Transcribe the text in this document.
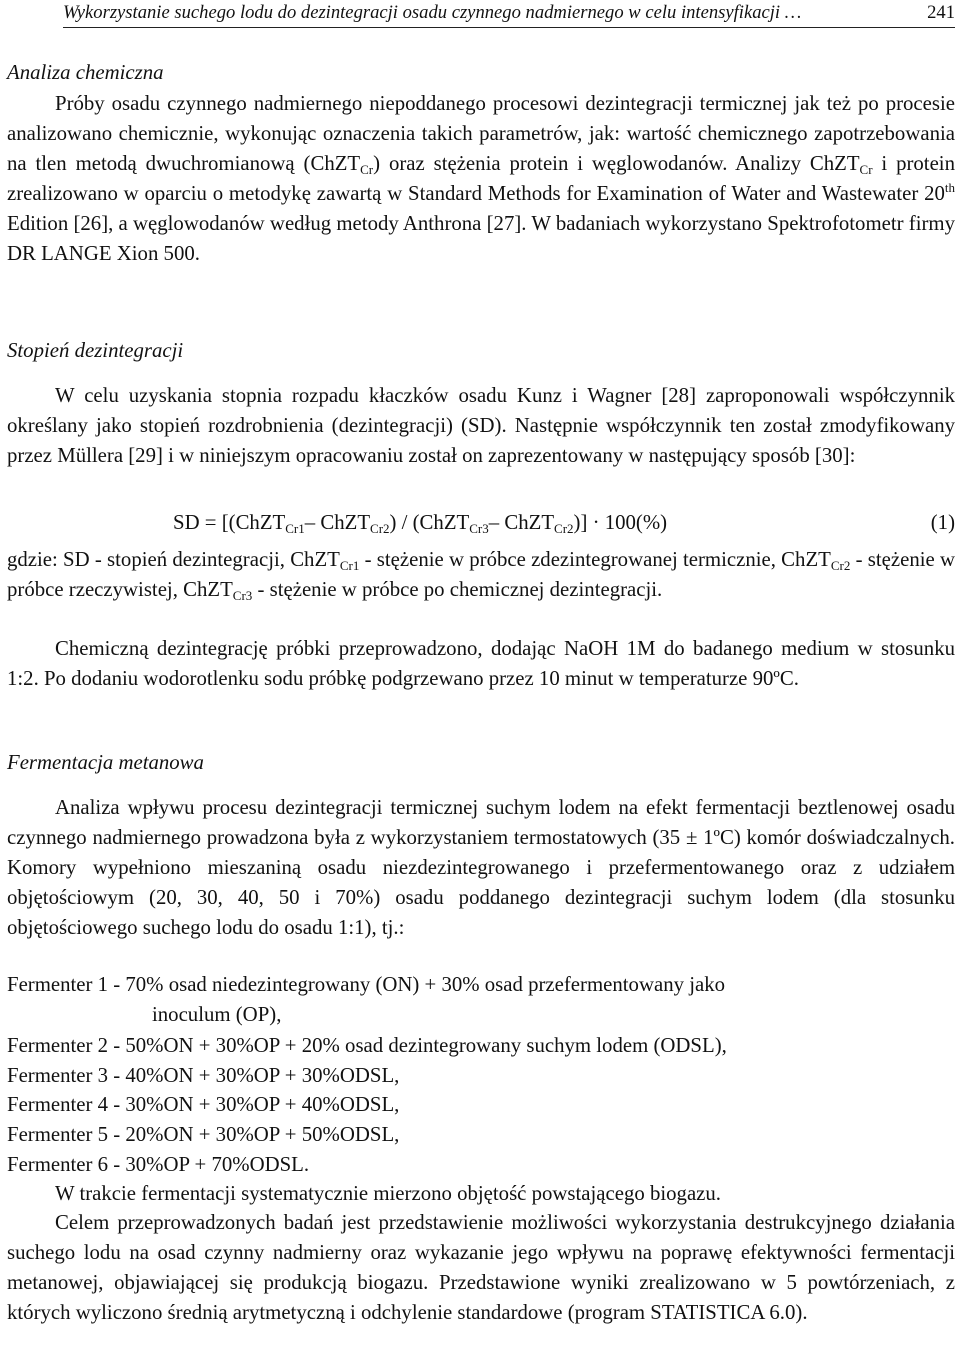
Wykorzystanie suchego lodu do dezintegracji osadu czynnego nadmiernego w celu intensyfikacji …	241
Analiza chemiczna
Próby osadu czynnego nadmiernego niepoddanego procesowi dezintegracji termicznej jak też po procesie analizowano chemicznie, wykonując oznaczenia takich parametrów, jak: wartość chemicznego zapotrzebowania na tlen metodą dwuchromianową (ChZT$_{Cr}$) oraz stężenia protein i węglowodanów. Analizy ChZT$_{Cr}$ i protein zrealizowano w oparciu o metodykę zawartą w Standard Methods for Examination of Water and Wastewater 20th Edition [26], a węglowodanów według metody Anthrona [27]. W badaniach wykorzystano Spektrofotometr firmy DR LANGE Xion 500.
Stopień dezintegracji
W celu uzyskania stopnia rozpadu kłaczków osadu Kunz i Wagner [28] zaproponowali współczynnik określany jako stopień rozdrobnienia (dezintegracji) (SD). Następnie współczynnik ten został zmodyfikowany przez Müllera [29] i w niniejszym opracowaniu został on zaprezentowany w następujący sposób [30]:
SD = [(ChZT$_{Cr1}$– ChZT$_{Cr2}$) / (ChZT$_{Cr3}$– ChZT$_{Cr2}$)] · 100(%)	(1)
gdzie: SD - stopień dezintegracji, ChZT$_{Cr1}$ - stężenie w próbce zdezintegrowanej termicznie, ChZT$_{Cr2}$ - stężenie w próbce rzeczywistej, ChZT$_{Cr3}$ - stężenie w próbce po chemicznej dezintegracji.
Chemiczną dezintegrację próbki przeprowadzono, dodając NaOH 1M do badanego medium w stosunku 1:2. Po dodaniu wodorotlenku sodu próbkę podgrzewano przez 10 minut w temperaturze 90ºC.
Fermentacja metanowa
Analiza wpływu procesu dezintegracji termicznej suchym lodem na efekt fermentacji beztlenowej osadu czynnego nadmiernego prowadzona była z wykorzystaniem termostatowych (35 ± 1ºC) komór doświadczalnych. Komory wypełniono mieszaniną osadu niezdezintegrowanego i przefermentowanego oraz z udziałem objętościowym (20, 30, 40, 50 i 70%) osadu poddanego dezintegracji suchym lodem (dla stosunku objętościowego suchego lodu do osadu 1:1), tj.:
Fermenter 1 - 70% osad niedezintegrowany (ON) + 30% osad przefermentowany jako
inoculum (OP),
Fermenter 2 - 50%ON + 30%OP + 20% osad dezintegrowany suchym lodem (ODSL),
Fermenter 3 - 40%ON + 30%OP + 30%ODSL,
Fermenter 4 - 30%ON + 30%OP + 40%ODSL,
Fermenter 5 - 20%ON + 30%OP + 50%ODSL,
Fermenter 6 - 30%OP + 70%ODSL.
W trakcie fermentacji systematycznie mierzono objętość powstającego biogazu.
Celem przeprowadzonych badań jest przedstawienie możliwości wykorzystania destrukcyjnego działania suchego lodu na osad czynny nadmierny oraz wykazanie jego wpływu na poprawę efektywności fermentacji metanowej, objawiającej się produkcją biogazu. Przedstawione wyniki zrealizowano w 5 powtórzeniach, z których wyliczono średnią arytmetyczną i odchylenie standardowe (program STATISTICA 6.0).
